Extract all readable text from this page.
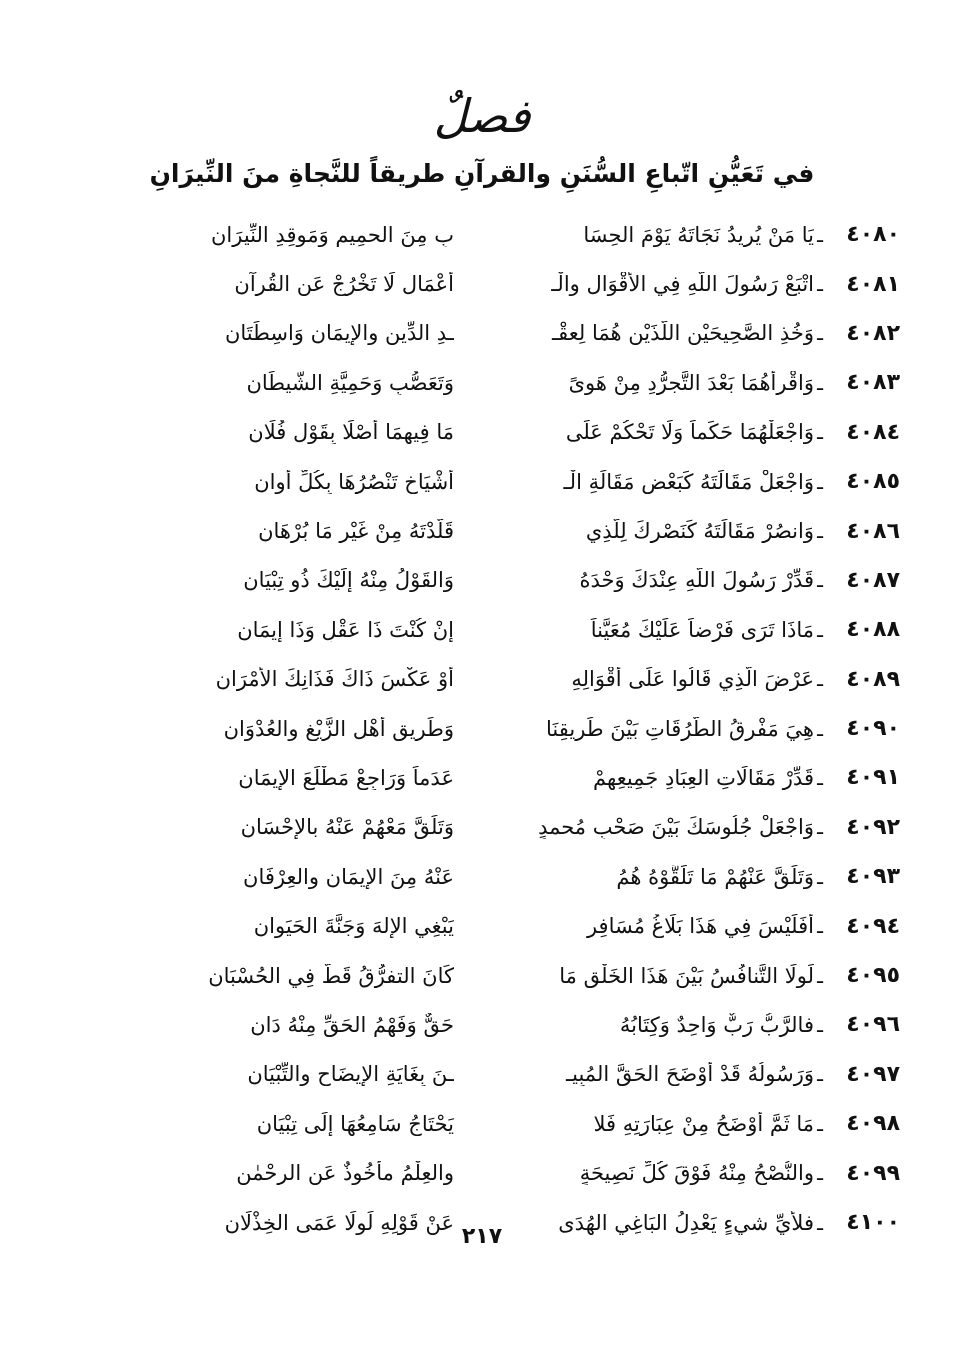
فصلٌ
في تَعَيُّنِ اتّباعِ السُّنَنِ والقرآنِ طريقاً للنَّجاةِ منَ النِّيرَانِ
٤٠٨٠
ـ
يَا مَنْ يُرِيدُ نَجَاتَهُ يَوْمَ الحِسَا
بِ مِنَ الحمِيمِ وَمَوقِدِ النِّيرَانِ
٤٠٨١
ـ
اتْبَعْ رَسُولَ اللَّهِ فِي الأَقْوَالِ والْـ
أعْمَالِ لَا تَخْرُجْ عَنِ القُرآنِ
٤٠٨٢
ـ
وَخُذِ الصَّحِيحَيْنِ اللَّذَيْنِ هُمَا لِعقْـ
ـدِ الدِّينِ والإِيمَانِ وَاسِطَتَانِ
٤٠٨٣
ـ
وَاقْرأهُمَا بَعْدَ التَّجرُّدِ مِنْ هَوىً
وَتَعَصُّبٍ وَحَمِيَّةِ الشَّيطَانِ
٤٠٨٤
ـ
وَاجْعَلْهُمَا حَكَماً وَلَا تَحْكُمْ عَلَى
مَا فِيهِمَا أَصْلًا بِقَوْلِ فُلَانِ
٤٠٨٥
ـ
وَاجْعَلْ مَقَالَتَهُ كَبَعْضِ مَقَالَةِ الْـ
أَشْيَاخِ تَنْصُرُهَا بِكُلِّ أَوانِ
٤٠٨٦
ـ
وَانصُرْ مَقَالَتَهُ كَنَصْرِكَ لِلَّذِي
قَلَّدْتَهُ مِنْ غَيْرِ مَا بُرْهَانِ
٤٠٨٧
ـ
قَدِّرْ رَسُولَ اللَّهِ عِنْدَكَ وَحْدَهُ
وَالقَوْلُ مِنْهُ إِلَيْكَ ذُو تِبْيَانِ
٤٠٨٨
ـ
مَاذَا تَرَى فَرْضاً عَلَيْكَ مُعَيَّناً
إِنْ كُنْتَ ذَا عَقْلٍ وَذَا إِيمَانِ
٤٠٨٩
ـ
عَرْضَ الَّذِي قَالُوا عَلَى أَقْوَالِهِ
أَوْ عَكْسَ ذَاكَ فَذَانِكَ الأَمْرَانِ
٤٠٩٠
ـ
هِيَ مَفْرِقُ الطُّرُقَاتِ بَيْنَ طَرِيقِنَا
وَطَرِيقِ أَهْلِ الزَّيْغِ والعُدْوَانِ
٤٠٩١
ـ
قَدِّرْ مَقَالَاتِ العِبَادِ جَمِيعِهِمْ
عَدَماً وَرَاجِعْ مَطْلَعَ الإِيمَانِ
٤٠٩٢
ـ
وَاجْعَلْ جُلُوسَكَ بَيْنَ صَحْبِ مُحمدٍ
وَتَلَقَّ مَعْهُمْ عَنْهُ بالإِحْسَانِ
٤٠٩٣
ـ
وَتَلَقَّ عَنْهُمْ مَا تَلَقَّوْهُ هُمُ
عَنْهُ مِنَ الإِيمَانِ والعِرْفَانِ
٤٠٩٤
ـ
أَفَلَيْسَ فِي هَذَا بَلَاغُ مُسَافِرٍ
يَبْغِي الإِلهَ وَجَنَّةَ الحَيَوانِ
٤٠٩٥
ـ
لَولَا التَّنافُسُ بَيْنَ هَذَا الخَلْقِ مَا
كَانَ التفرُّقُ قَطُّ فِي الحُسْبَانِ
٤٠٩٦
ـ
فالرَّبُّ رَبٌّ وَاحِدٌ وَكِتَابُهُ
حَقٌّ وَفَهْمُ الحَقِّ مِنْهُ دَانِ
٤٠٩٧
ـ
وَرَسُولُهُ قَدْ أَوْضَحَ الحَقَّ المُبِيـ
ـنَ بِغَايَةِ الإِيضَاحِ والتِّبْيَانِ
٤٠٩٨
ـ
مَا ثَمَّ أَوْضَحُ مِنْ عِبَارَتِهِ فَلا
يَحْتَاجُ سَامِعُهَا إِلَى تِبْيَانِ
٤٠٩٩
ـ
والنُّصْحُ مِنْهُ فَوْقَ كُلِّ نَصِيحَةٍ
والعِلْمُ مأخُوذٌ عَنِ الرحْمٰنِ
٤١٠٠
ـ
فلأيِّ شيءٍ يَعْدِلُ البَاغِي الهُدَى
عَنْ قَوْلِهِ لَولَا عَمَى الخِذْلَانِ
٢١٧
